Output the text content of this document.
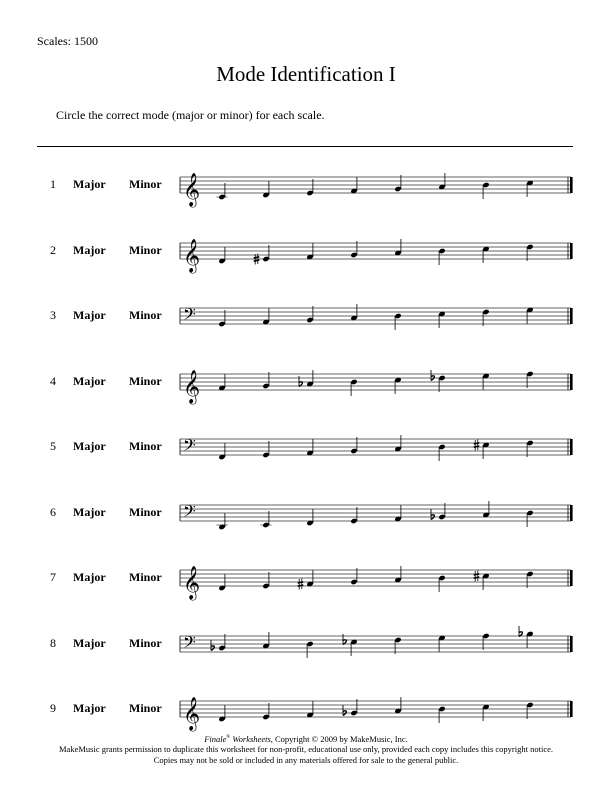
Scales: 1500
Mode Identification I
Circle the correct mode (major or minor) for each scale.
1 Major Minor 𝄞
2 Major Minor 𝄞
3 Major Minor 𝄢
4 Major Minor 𝄞
5 Major Minor 𝄢
6 Major Minor 𝄢
7 Major Minor 𝄞
8 Major Minor 𝄢
9 Major Minor 𝄞
Finale® Worksheets, Copyright © 2009 by MakeMusic, Inc.
MakeMusic grants permission to duplicate this worksheet for non-profit, educational use only, provided each copy includes this copyright notice.
Copies may not be sold or included in any materials offered for sale to the general public.
